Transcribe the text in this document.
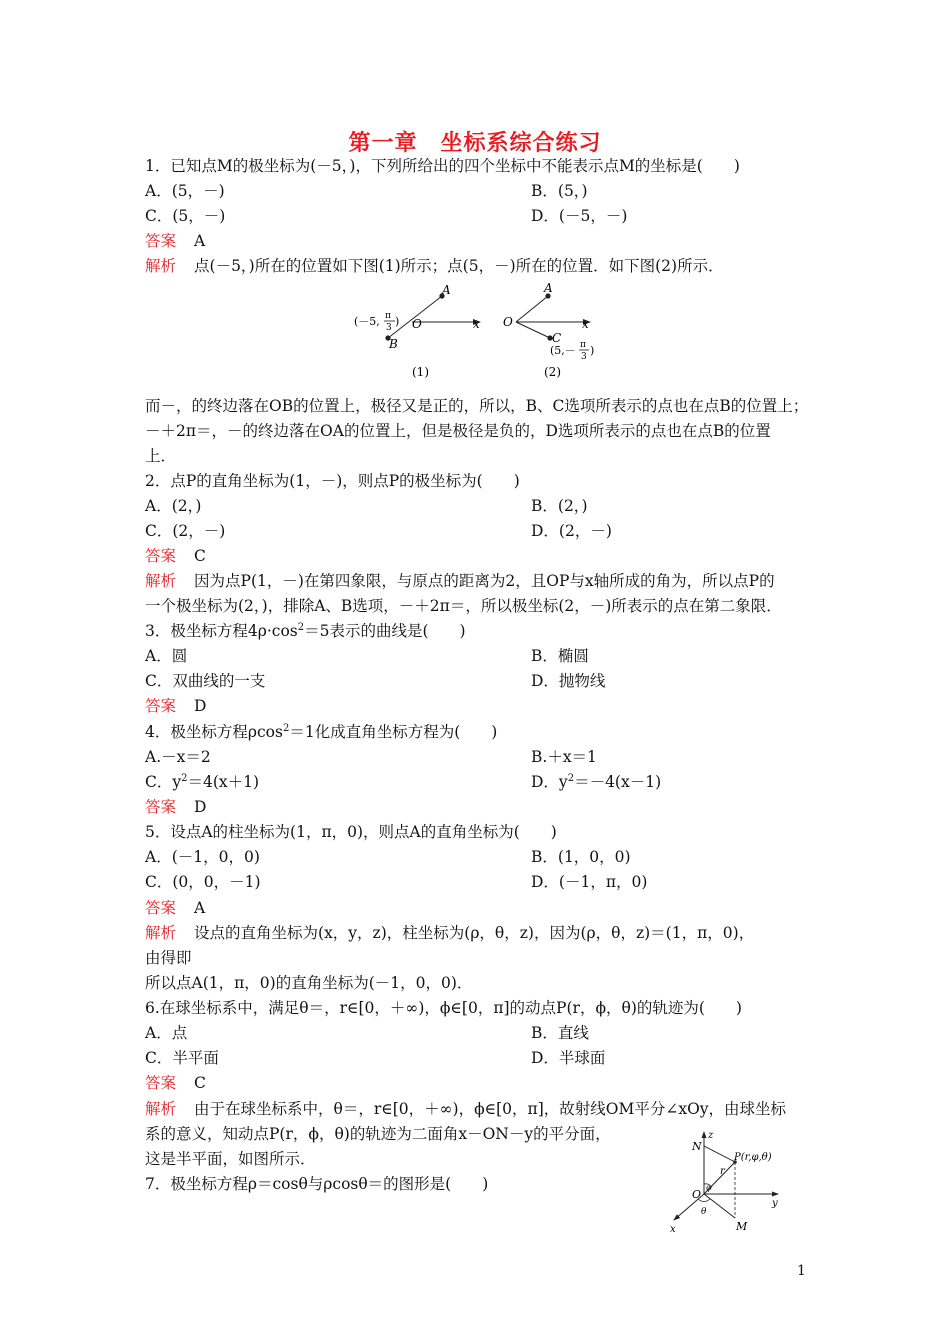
第一章　坐标系综合练习
1．已知点M的极坐标为(－5，)，下列所给出的四个坐标中不能表示点M的坐标是(　　)
A．(5，－)	B．(5，)
C．(5，－)	D．(－5，－)
答案 A
解析 点(－5，)所在的位置如下图(1)所示；点(5，－)所在的位置．如下图(2)所示．
A
O	x
B
(－5, π
3 )
(1)
A
O	x
C
(5,－ π
3 )
(2)
而－，的终边落在OB的位置上，极径又是正的，所以，B、C选项所表示的点也在点B的位置上；
－＋2π＝，－的终边落在OA的位置上，但是极径是负的，D选项所表示的点也在点B的位置
上．
2．点P的直角坐标为(1，－)，则点P的极坐标为(　　)
A．(2，)	B．(2，)
C．(2，－)	D．(2，－)
答案 C
解析 因为点P(1，－)在第四象限，与原点的距离为2，且OP与x轴所成的角为，所以点P的
一个极坐标为(2，)，排除A、B选项，－＋2π＝，所以极坐标(2，－)所表示的点在第二象限．
3．极坐标方程$4\rho\cdot\cos^2=5$表示的曲线是(　　)
A．圆	B．椭圆
C．双曲线的一支	D．抛物线
答案 D
4．极坐标方程ρcos$^2$＝1化成直角坐标方程为(　　)
A.－x＝2	B.＋x＝1
C．$y^2=4(x+1)$	D．$y^2=-4(x-1)$
答案 D
5．设点A的柱坐标为(1，π，0)，则点A的直角坐标为(　　)
A．(－1，0，0)	B．(1，0，0)
C．(0，0，－1)	D．(－1，π，0)
答案 A
解析 设点的直角坐标为(x，y，z)，柱坐标为(ρ，θ，z)，因为(ρ，θ，z)＝(1，π，0)，
由得即
所以点A(1，π，0)的直角坐标为(－1，0，0)．
6.在球坐标系中，满足θ＝，r∈[0，＋∞)，ϕ∈[0，π]的动点P(r，ϕ，θ)的轨迹为(　　)
A．点	B．直线
C．半平面	D．半球面
答案 C
解析 由于在球坐标系中，θ＝，r∈[0，＋∞)，ϕ∈[0，π]，故射线OM平分∠xOy，由球坐标
系的意义，知动点P(r，ϕ，θ)的轨迹为二面角x－ON－y的平分面，
这是半平面，如图所示．
N
z
P(r,φ,θ)
r
φ
O
θ
y
x	M
7．极坐标方程ρ＝cosθ与ρcosθ＝的图形是(　　)
1
